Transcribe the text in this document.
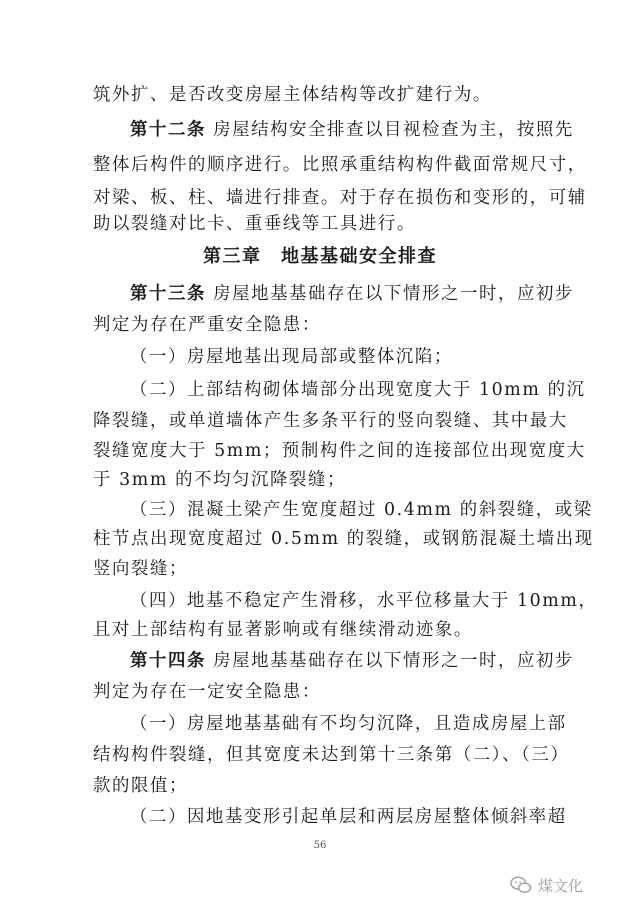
筑外扩、是否改变房屋主体结构等改扩建行为。
第十二条 房屋结构安全排查以目视检查为主，按照先
整体后构件的顺序进行。比照承重结构构件截面常规尺寸，
对梁、板、柱、墙进行排查。对于存在损伤和变形的，可辅
助以裂缝对比卡、重垂线等工具进行。
第三章　地基基础安全排查
第十三条 房屋地基基础存在以下情形之一时，应初步
判定为存在严重安全隐患：
（一）房屋地基出现局部或整体沉陷；
（二）上部结构砌体墙部分出现宽度大于 10mm 的沉
降裂缝，或单道墙体产生多条平行的竖向裂缝、其中最大
裂缝宽度大于 5mm；预制构件之间的连接部位出现宽度大
于 3mm 的不均匀沉降裂缝；
（三）混凝土梁产生宽度超过 0.4mm 的斜裂缝，或梁
柱节点出现宽度超过 0.5mm 的裂缝，或钢筋混凝土墙出现
竖向裂缝；
（四）地基不稳定产生滑移，水平位移量大于 10mm，
且对上部结构有显著影响或有继续滑动迹象。
第十四条 房屋地基基础存在以下情形之一时，应初步
判定为存在一定安全隐患：
（一）房屋地基基础有不均匀沉降，且造成房屋上部
结构构件裂缝，但其宽度未达到第十三条第（二）、（三）
款的限值；
（二）因地基变形引起单层和两层房屋整体倾斜率超
56
煤文化
